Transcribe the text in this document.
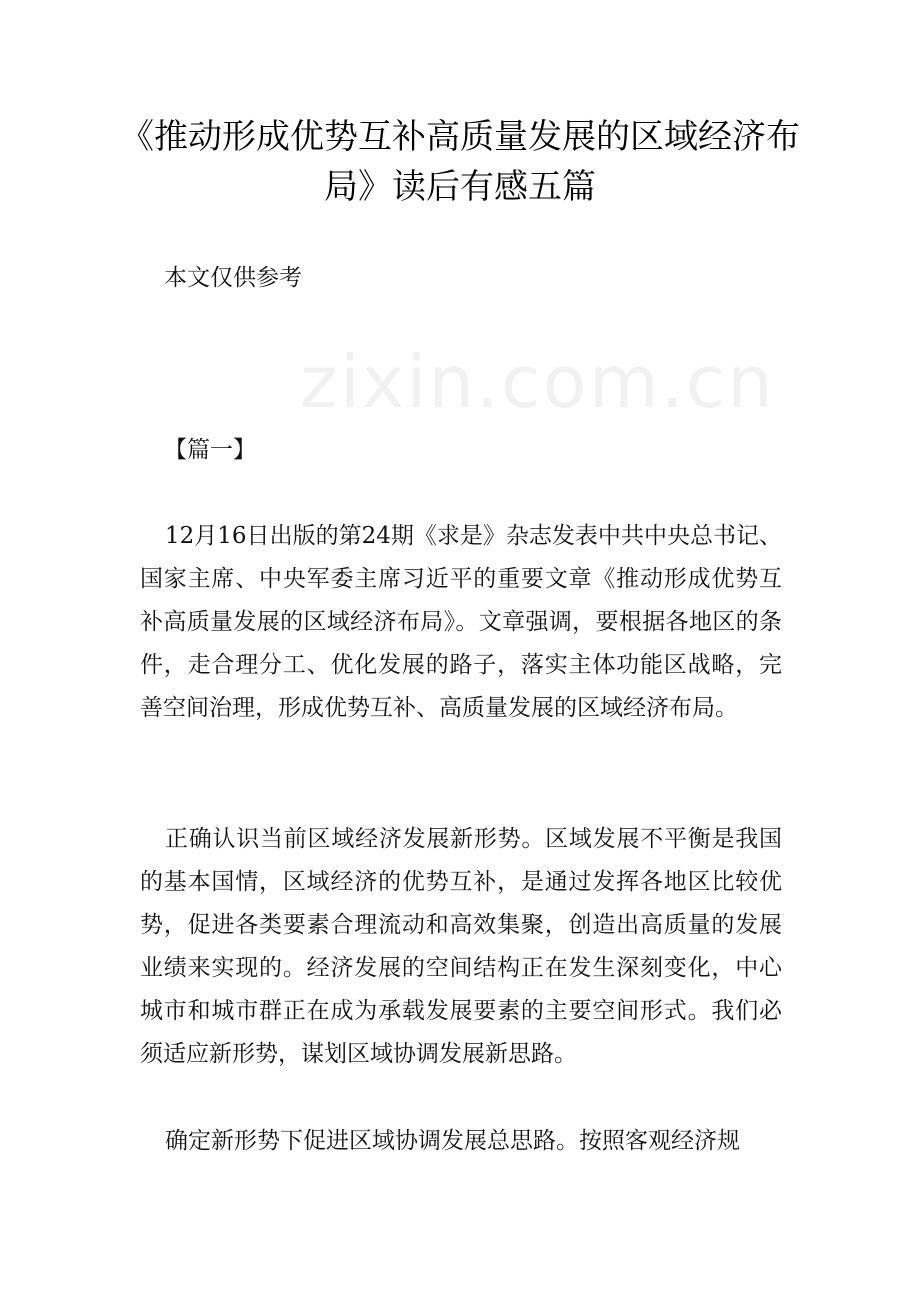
zixin.com.cn
《推动形成优势互补高质量发展的区域经济布局》读后有感五篇

本文仅供参考

【篇一】

12月16日出版的第24期《求是》杂志发表中共中央总书记、国家主席、中央军委主席习近平的重要文章《推动形成优势互补高质量发展的区域经济布局》。文章强调，要根据各地区的条件，走合理分工、优化发展的路子，落实主体功能区战略，完善空间治理，形成优势互补、高质量发展的区域经济布局。

正确认识当前区域经济发展新形势。区域发展不平衡是我国的基本国情，区域经济的优势互补，是通过发挥各地区比较优势，促进各类要素合理流动和高效集聚，创造出高质量的发展业绩来实现的。经济发展的空间结构正在发生深刻变化，中心城市和城市群正在成为承载发展要素的主要空间形式。我们必须适应新形势，谋划区域协调发展新思路。

确定新形势下促进区域协调发展总思路。按照客观经济规
